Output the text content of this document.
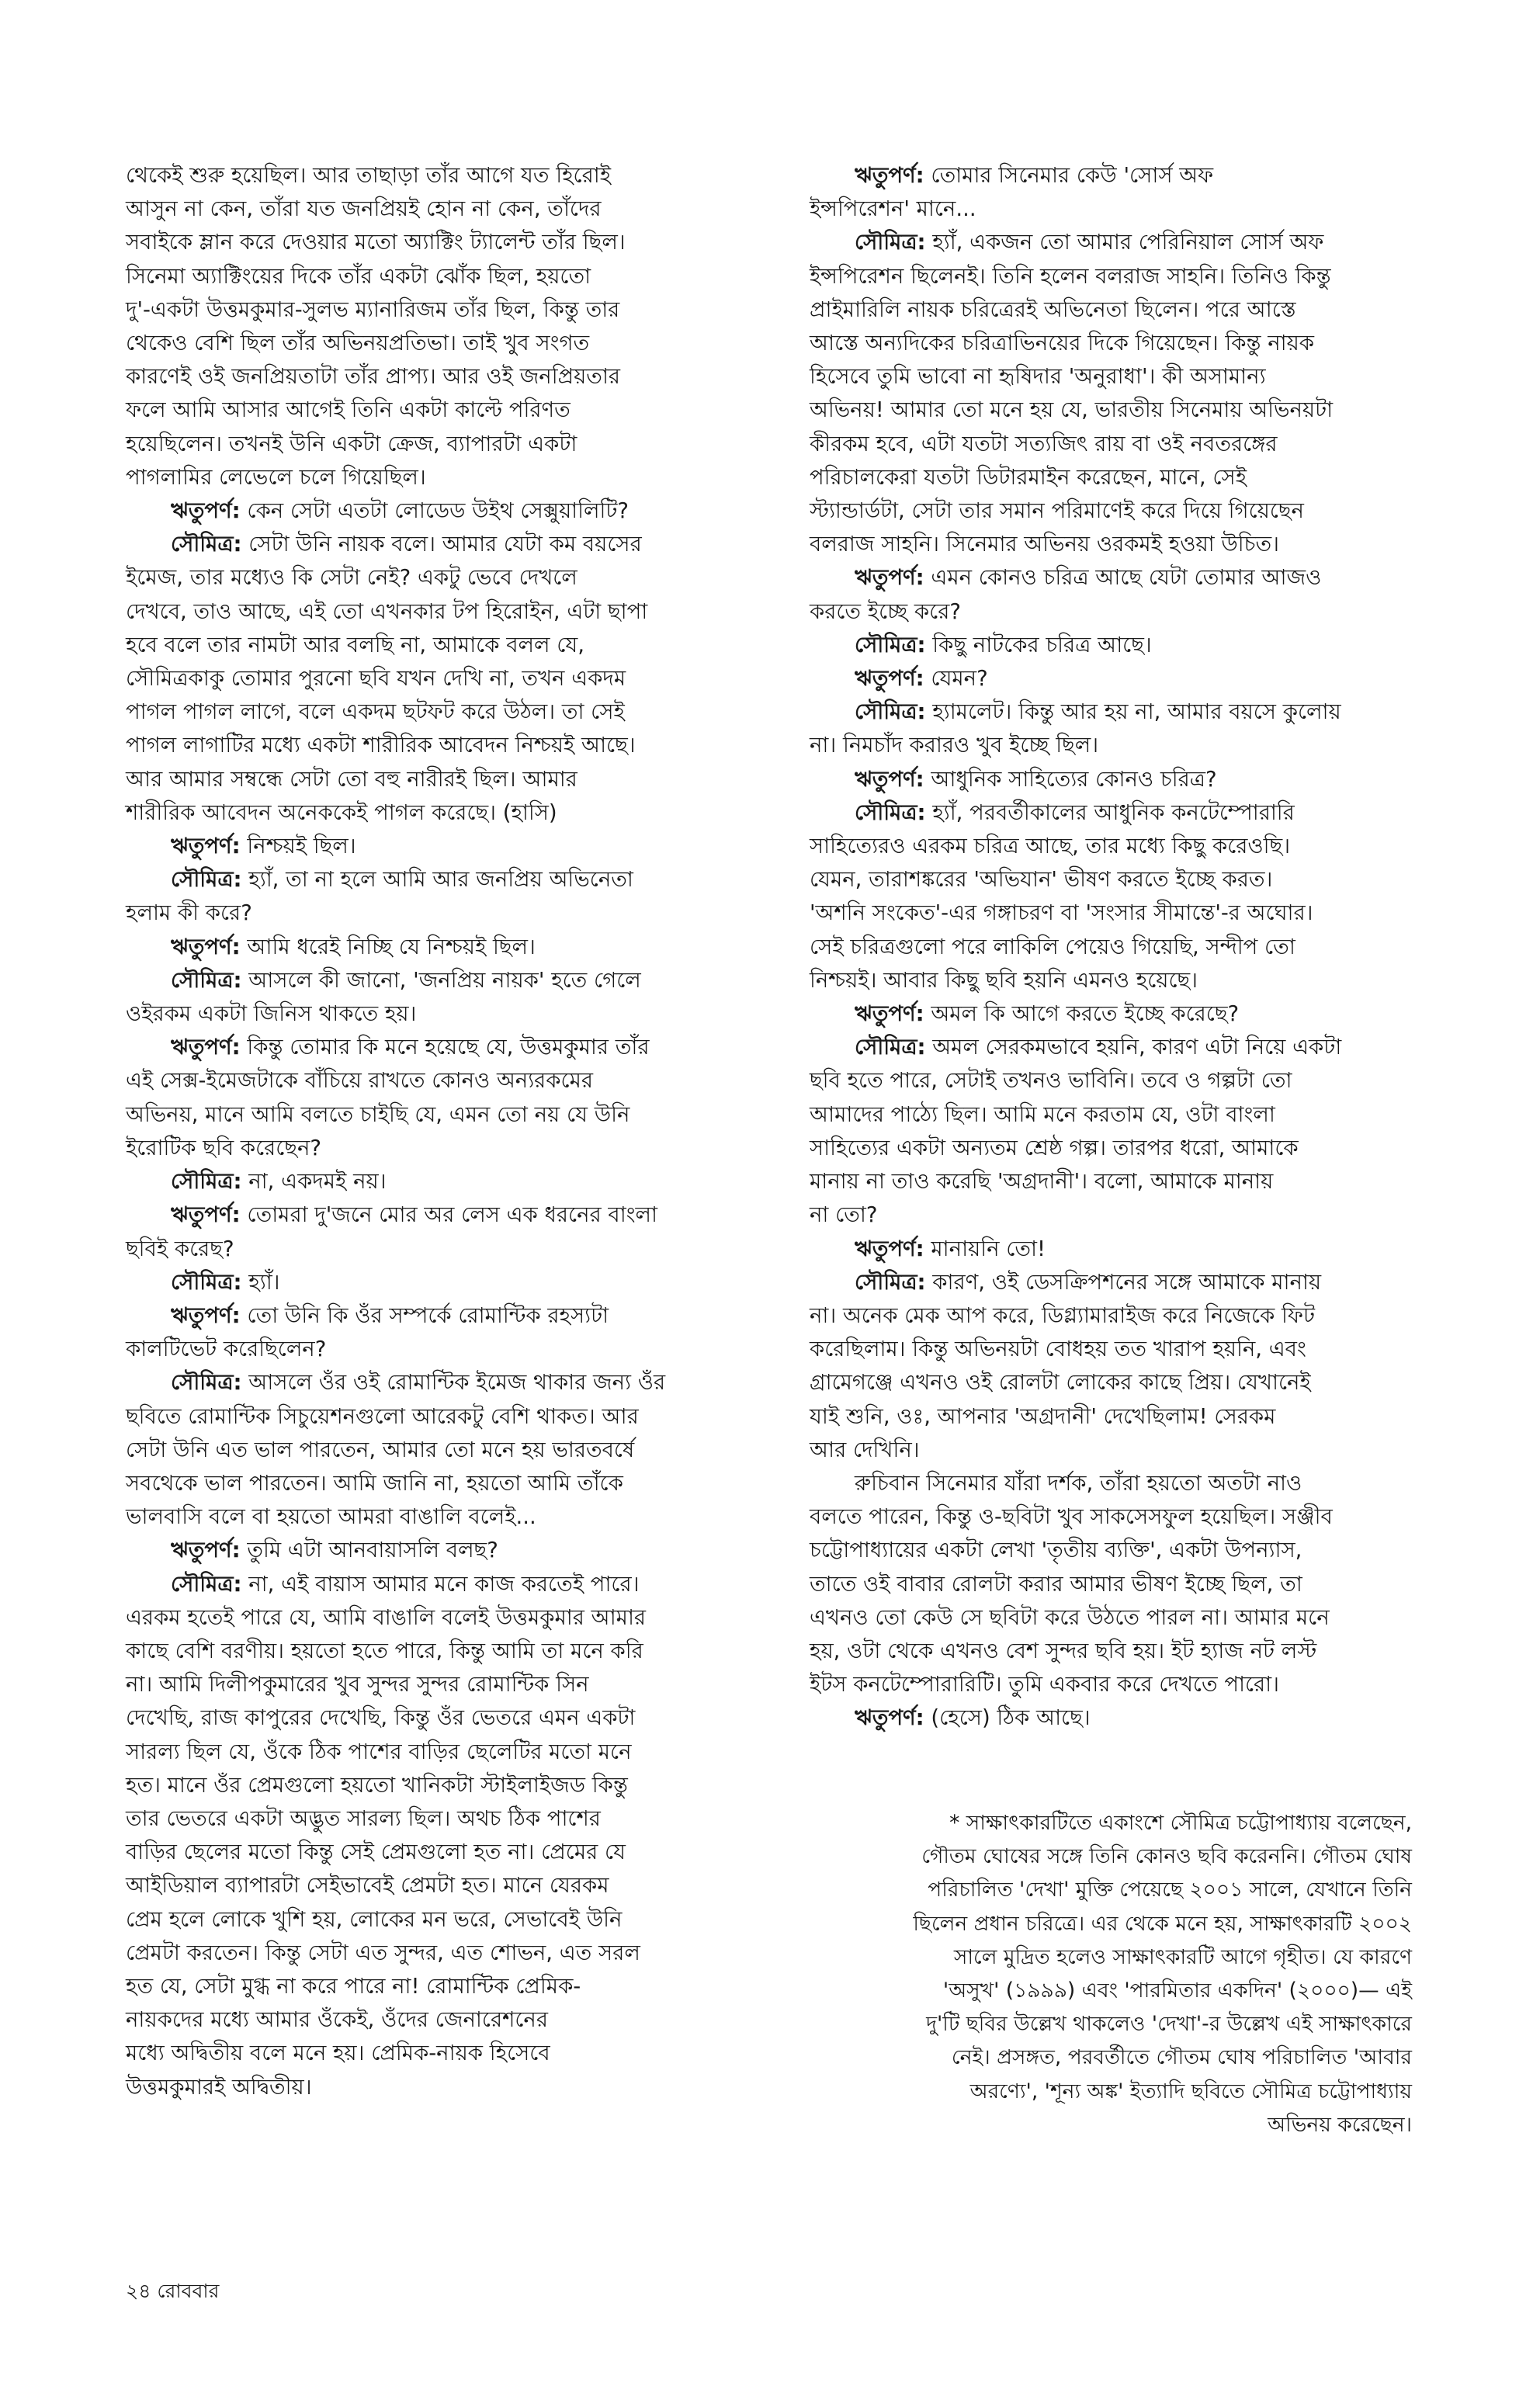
থেকেই শুরু হয়েছিল। আর তাছাড়া তাঁর আগে যত হিরোই
আসুন না কেন, তাঁরা যত জনপ্রিয়ই হোন না কেন, তাঁদের
সবাইকে ম্লান করে দেওয়ার মতো অ্যাক্টিং ট্যালেন্ট তাঁর ছিল।
সিনেমা অ্যাক্টিংয়ের দিকে তাঁর একটা ঝোঁক ছিল, হয়তো
দু'-একটা উত্তমকুমার-সুলভ ম্যানারিজম তাঁর ছিল, কিন্তু তার
থেকেও বেশি ছিল তাঁর অভিনয়প্রতিভা। তাই খুব সংগত
কারণেই ওই জনপ্রিয়তাটা তাঁর প্রাপ্য। আর ওই জনপ্রিয়তার
ফলে আমি আসার আগেই তিনি একটা কাল্টে পরিণত
হয়েছিলেন। তখনই উনি একটা ক্রেজ, ব্যাপারটা একটা
পাগলামির লেভেলে চলে গিয়েছিল।
ঋতুপর্ণ: কেন সেটা এতটা লোডেড উইথ সেক্সুয়ালিটি?
সৌমিত্র: সেটা উনি নায়ক বলে। আমার যেটা কম বয়সের
ইমেজ, তার মধ্যেও কি সেটা নেই? একটু ভেবে দেখলে
দেখবে, তাও আছে, এই তো এখনকার টপ হিরোইন, এটা ছাপা
হবে বলে তার নামটা আর বলছি না, আমাকে বলল যে,
সৌমিত্রকাকু তোমার পুরনো ছবি যখন দেখি না, তখন একদম
পাগল পাগল লাগে, বলে একদম ছটফট করে উঠল। তা সেই
পাগল লাগাটির মধ্যে একটা শারীরিক আবেদন নিশ্চয়ই আছে।
আর আমার সম্বন্ধে সেটা তো বহু নারীরই ছিল। আমার
শারীরিক আবেদন অনেককেই পাগল করেছে। (হাসি)
ঋতুপর্ণ: নিশ্চয়ই ছিল।
সৌমিত্র: হ্যাঁ, তা না হলে আমি আর জনপ্রিয় অভিনেতা
হলাম কী করে?
ঋতুপর্ণ: আমি ধরেই নিচ্ছি যে নিশ্চয়ই ছিল।
সৌমিত্র: আসলে কী জানো, 'জনপ্রিয় নায়ক' হতে গেলে
ওইরকম একটা জিনিস থাকতে হয়।
ঋতুপর্ণ: কিন্তু তোমার কি মনে হয়েছে যে, উত্তমকুমার তাঁর
এই সেক্স-ইমেজটাকে বাঁচিয়ে রাখতে কোনও অন্যরকমের
অভিনয়, মানে আমি বলতে চাইছি যে, এমন তো নয় যে উনি
ইরোটিক ছবি করেছেন?
সৌমিত্র: না, একদমই নয়।
ঋতুপর্ণ: তোমরা দু'জনে মোর অর লেস এক ধরনের বাংলা
ছবিই করেছ?
সৌমিত্র: হ্যাঁ।
ঋতুপর্ণ: তো উনি কি ওঁর সম্পর্কে রোমান্টিক রহস্যটা
কালটিভেট করেছিলেন?
সৌমিত্র: আসলে ওঁর ওই রোমান্টিক ইমেজ থাকার জন্য ওঁর
ছবিতে রোমান্টিক সিচুয়েশনগুলো আরেকটু বেশি থাকত। আর
সেটা উনি এত ভাল পারতেন, আমার তো মনে হয় ভারতবর্ষে
সবথেকে ভাল পারতেন। আমি জানি না, হয়তো আমি তাঁকে
ভালবাসি বলে বা হয়তো আমরা বাঙালি বলেই...
ঋতুপর্ণ: তুমি এটা আনবায়াসলি বলছ?
সৌমিত্র: না, এই বায়াস আমার মনে কাজ করতেই পারে।
এরকম হতেই পারে যে, আমি বাঙালি বলেই উত্তমকুমার আমার
কাছে বেশি বরণীয়। হয়তো হতে পারে, কিন্তু আমি তা মনে করি
না। আমি দিলীপকুমারের খুব সুন্দর সুন্দর রোমান্টিক সিন
দেখেছি, রাজ কাপুরের দেখেছি, কিন্তু ওঁর ভেতরে এমন একটা
সারল্য ছিল যে, ওঁকে ঠিক পাশের বাড়ির ছেলেটির মতো মনে
হত। মানে ওঁর প্রেমগুলো হয়তো খানিকটা স্টাইলাইজড কিন্তু
তার ভেতরে একটা অদ্ভুত সারল্য ছিল। অথচ ঠিক পাশের
বাড়ির ছেলের মতো কিন্তু সেই প্রেমগুলো হত না। প্রেমের যে
আইডিয়াল ব্যাপারটা সেইভাবেই প্রেমটা হত। মানে যেরকম
প্রেম হলে লোকে খুশি হয়, লোকের মন ভরে, সেভাবেই উনি
প্রেমটা করতেন। কিন্তু সেটা এত সুন্দর, এত শোভন, এত সরল
হত যে, সেটা মুগ্ধ না করে পারে না! রোমান্টিক প্রেমিক-
নায়কদের মধ্যে আমার ওঁকেই, ওঁদের জেনারেশনের
মধ্যে অদ্বিতীয় বলে মনে হয়। প্রেমিক-নায়ক হিসেবে
উত্তমকুমারই অদ্বিতীয়।
ঋতুপর্ণ: তোমার সিনেমার কেউ 'সোর্স অফ
ইন্সপিরেশন' মানে...
সৌমিত্র: হ্যাঁ, একজন তো আমার পেরিনিয়াল সোর্স অফ
ইন্সপিরেশন ছিলেনই। তিনি হলেন বলরাজ সাহনি। তিনিও কিন্তু
প্রাইমারিলি নায়ক চরিত্রেরই অভিনেতা ছিলেন। পরে আস্তে
আস্তে অন্যদিকের চরিত্রাভিনয়ের দিকে গিয়েছেন। কিন্তু নায়ক
হিসেবে তুমি ভাবো না হৃষিদার 'অনুরাধা'। কী অসামান্য
অভিনয়! আমার তো মনে হয় যে, ভারতীয় সিনেমায় অভিনয়টা
কীরকম হবে, এটা যতটা সত্যজিৎ রায় বা ওই নবতরঙ্গের
পরিচালকেরা যতটা ডিটারমাইন করেছেন, মানে, সেই
স্ট্যান্ডার্ডটা, সেটা তার সমান পরিমাণেই করে দিয়ে গিয়েছেন
বলরাজ সাহনি। সিনেমার অভিনয় ওরকমই হওয়া উচিত।
ঋতুপর্ণ: এমন কোনও চরিত্র আছে যেটা তোমার আজও
করতে ইচ্ছে করে?
সৌমিত্র: কিছু নাটকের চরিত্র আছে।
ঋতুপর্ণ: যেমন?
সৌমিত্র: হ্যামলেট। কিন্তু আর হয় না, আমার বয়সে কুলোয়
না। নিমচাঁদ করারও খুব ইচ্ছে ছিল।
ঋতুপর্ণ: আধুনিক সাহিত্যের কোনও চরিত্র?
সৌমিত্র: হ্যাঁ, পরবর্তীকালের আধুনিক কনটেম্পোরারি
সাহিত্যেরও এরকম চরিত্র আছে, তার মধ্যে কিছু করেওছি।
যেমন, তারাশঙ্করের 'অভিযান' ভীষণ করতে ইচ্ছে করত।
'অশনি সংকেত'-এর গঙ্গাচরণ বা 'সংসার সীমান্তে'-র অঘোর।
সেই চরিত্রগুলো পরে লাকিলি পেয়েও গিয়েছি, সন্দীপ তো
নিশ্চয়ই। আবার কিছু ছবি হয়নি এমনও হয়েছে।
ঋতুপর্ণ: অমল কি আগে করতে ইচ্ছে করেছে?
সৌমিত্র: অমল সেরকমভাবে হয়নি, কারণ এটা নিয়ে একটা
ছবি হতে পারে, সেটাই তখনও ভাবিনি। তবে ও গল্পটা তো
আমাদের পাঠ্যে ছিল। আমি মনে করতাম যে, ওটা বাংলা
সাহিত্যের একটা অন্যতম শ্রেষ্ঠ গল্প। তারপর ধরো, আমাকে
মানায় না তাও করেছি 'অগ্রদানী'। বলো, আমাকে মানায়
না তো?
ঋতুপর্ণ: মানায়নি তো!
সৌমিত্র: কারণ, ওই ডেসক্রিপশনের সঙ্গে আমাকে মানায়
না। অনেক মেক আপ করে, ডিগ্ল্যামারাইজ করে নিজেকে ফিট
করেছিলাম। কিন্তু অভিনয়টা বোধহয় তত খারাপ হয়নি, এবং
গ্রামেগঞ্জে এখনও ওই রোলটা লোকের কাছে প্রিয়। যেখানেই
যাই শুনি, ওঃ, আপনার 'অগ্রদানী' দেখেছিলাম! সেরকম
আর দেখিনি।
রুচিবান সিনেমার যাঁরা দর্শক, তাঁরা হয়তো অতটা নাও
বলতে পারেন, কিন্তু ও-ছবিটা খুব সাকসেসফুল হয়েছিল। সঞ্জীব
চট্টোপাধ্যায়ের একটা লেখা 'তৃতীয় ব্যক্তি', একটা উপন্যাস,
তাতে ওই বাবার রোলটা করার আমার ভীষণ ইচ্ছে ছিল, তা
এখনও তো কেউ সে ছবিটা করে উঠতে পারল না। আমার মনে
হয়, ওটা থেকে এখনও বেশ সুন্দর ছবি হয়। ইট হ্যাজ নট লস্ট
ইটস কনটেম্পোরারিটি। তুমি একবার করে দেখতে পারো।
ঋতুপর্ণ: (হেসে) ঠিক আছে।
* সাক্ষাৎকারটিতে একাংশে সৌমিত্র চট্টোপাধ্যায় বলেছেন,
গৌতম ঘোষের সঙ্গে তিনি কোনও ছবি করেননি। গৌতম ঘোষ
পরিচালিত 'দেখা' মুক্তি পেয়েছে ২০০১ সালে, যেখানে তিনি
ছিলেন প্রধান চরিত্রে। এর থেকে মনে হয়, সাক্ষাৎকারটি ২০০২
সালে মুদ্রিত হলেও সাক্ষাৎকারটি আগে গৃহীত। যে কারণে
'অসুখ' (১৯৯৯) এবং 'পারমিতার একদিন' (২০০০)— এই
দু'টি ছবির উল্লেখ থাকলেও 'দেখা'-র উল্লেখ এই সাক্ষাৎকারে
নেই। প্রসঙ্গত, পরবর্তীতে গৌতম ঘোষ পরিচালিত 'আবার
অরণ্যে', 'শূন্য অঙ্ক' ইত্যাদি ছবিতে সৌমিত্র চট্টোপাধ্যায়
অভিনয় করেছেন।
২৪ রোববার
